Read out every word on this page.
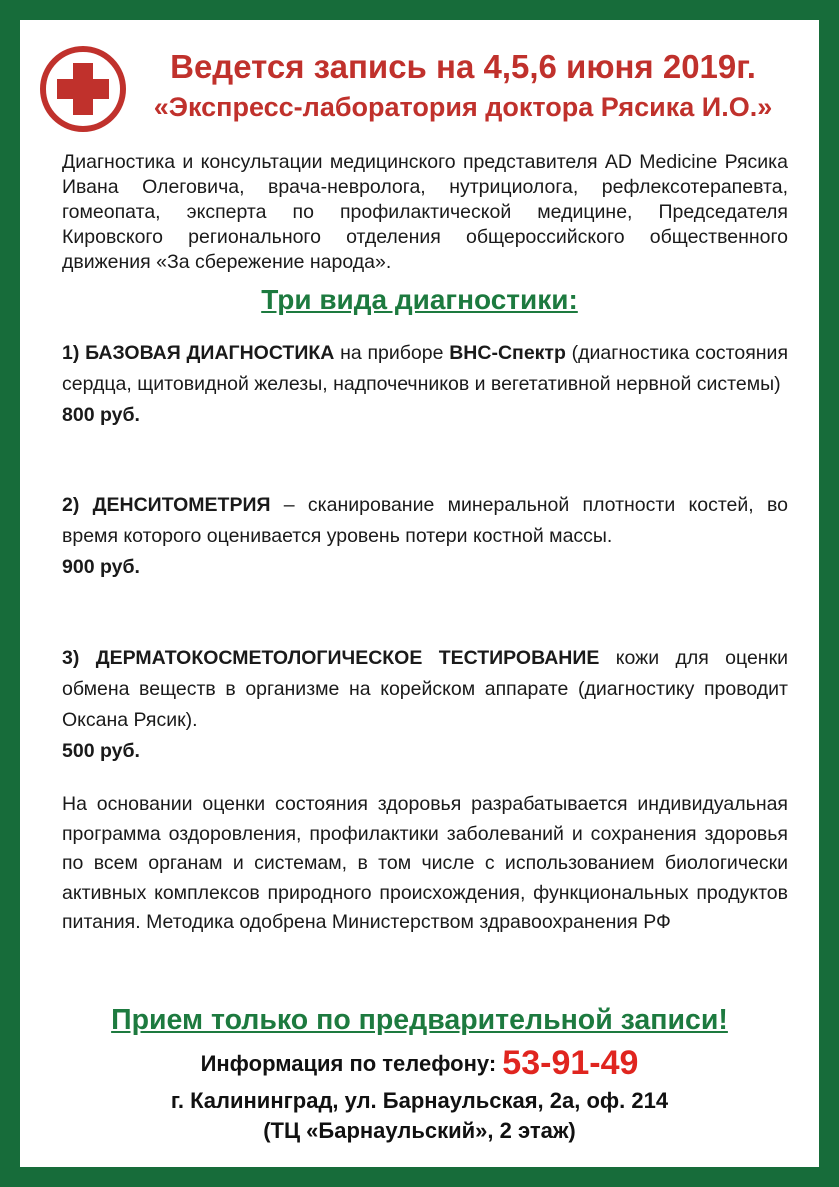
Ведется запись на 4,5,6 июня 2019г.
«Экспресс-лаборатория доктора Рясика И.О.»
Диагностика и консультации медицинского представителя AD Medicine Рясика Ивана Олеговича, врача-невролога, нутрициолога, рефлексотерапевта, гомеопата, эксперта по профилактической медицине, Председателя Кировского регионального отделения общероссийского общественного движения «За сбережение народа».
Три вида диагностики:
1) БАЗОВАЯ ДИАГНОСТИКА на приборе ВНС-Спектр (диагностика состояния сердца, щитовидной железы, надпочечников и вегетативной нервной системы)
800 руб.
2) ДЕНСИТОМЕТРИЯ – сканирование минеральной плотности костей, во время которого оценивается уровень потери костной массы.
900 руб.
3) ДЕРМАТОКОСМЕТОЛОГИЧЕСКОЕ ТЕСТИРОВАНИЕ кожи для оценки обмена веществ в организме на корейском аппарате (диагностику проводит Оксана Рясик).
500 руб.
На основании оценки состояния здоровья разрабатывается индивидуальная программа оздоровления, профилактики заболеваний и сохранения здоровья по всем органам и системам, в том числе с использованием биологически активных комплексов природного происхождения, функциональных продуктов питания. Методика одобрена Министерством здравоохранения РФ
Прием только по предварительной записи!
Информация по телефону: 53-91-49
г. Калининград, ул. Барнаульская, 2а, оф. 214
(ТЦ «Барнаульский», 2 этаж)
